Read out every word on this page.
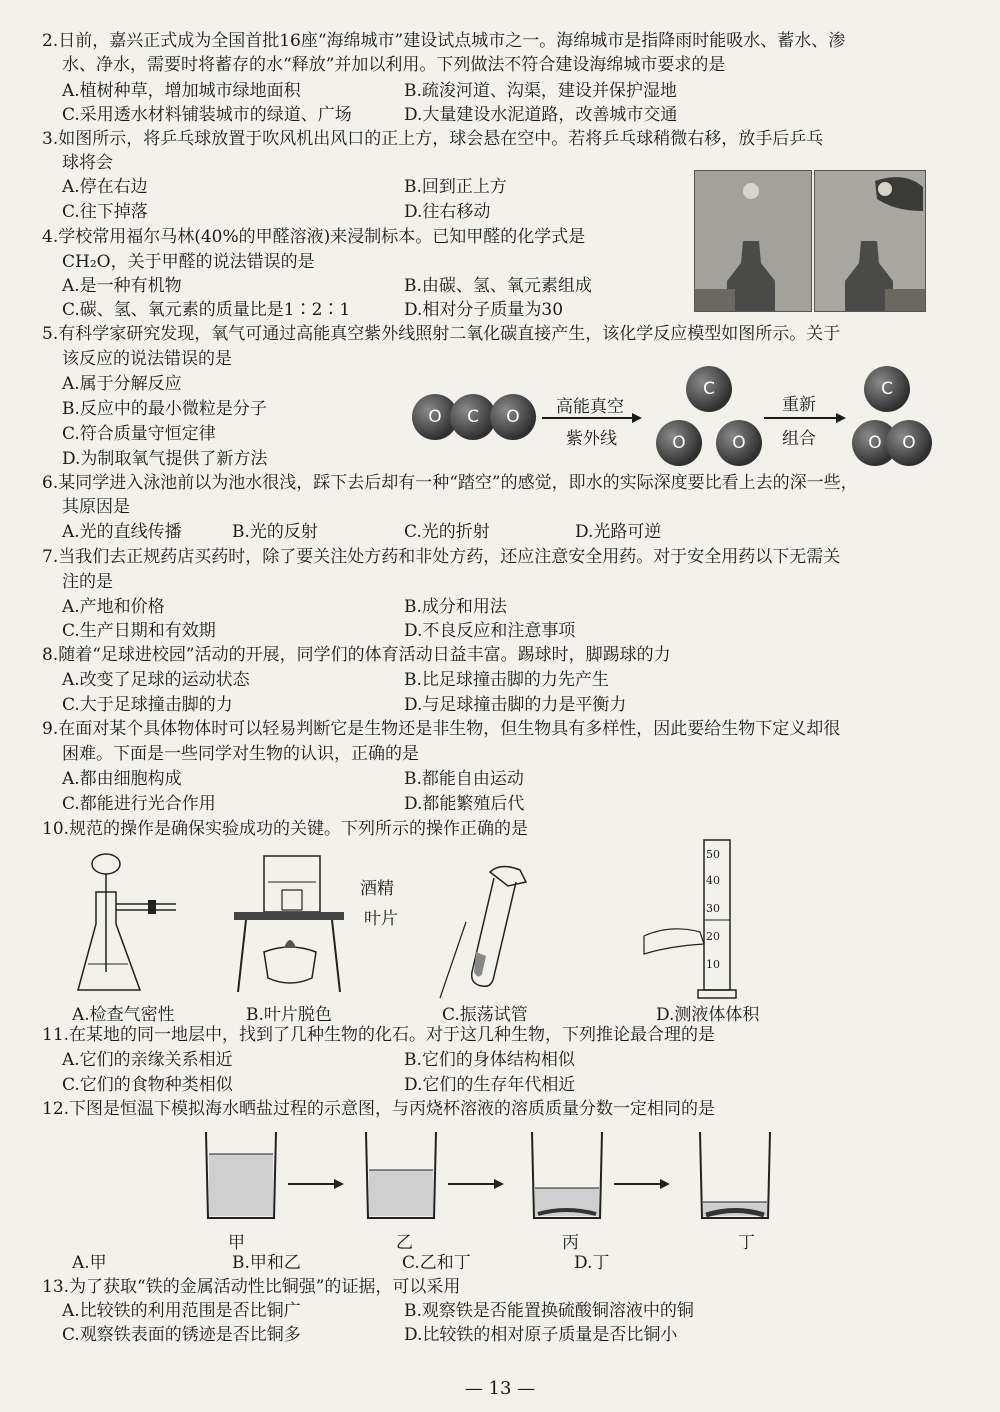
2.日前，嘉兴正式成为全国首批16座“海绵城市”建设试点城市之一。海绵城市是指降雨时能吸水、蓄水、渗
水、净水，需要时将蓄存的水“释放”并加以利用。下列做法不符合建设海绵城市要求的是
A.植树种草，增加城市绿地面积	B.疏浚河道、沟渠，建设并保护湿地
C.采用透水材料铺装城市的绿道、广场	D.大量建设水泥道路，改善城市交通
3.如图所示，将乒乓球放置于吹风机出风口的正上方，球会悬在空中。若将乒乓球稍微右移，放手后乒乓
球将会
A.停在右边	B.回到正上方
C.往下掉落	D.往右移动
4.学校常用福尔马林(40%的甲醛溶液)来浸制标本。已知甲醛的化学式是
CH₂O，关于甲醛的说法错误的是
A.是一种有机物	B.由碳、氢、氧元素组成
C.碳、氢、氧元素的质量比是1∶2∶1	D.相对分子质量为30
5.有科学家研究发现，氧气可通过高能真空紫外线照射二氧化碳直接产生，该化学反应模型如图所示。关于
该反应的说法错误的是
A.属于分解反应
B.反应中的最小微粒是分子
C.符合质量守恒定律
D.为制取氧气提供了新方法
O	C	O	高能真空
紫外线
C
O	O
重新
组合
C
O	O
6.某同学进入泳池前以为池水很浅，踩下去后却有一种“踏空”的感觉，即水的实际深度要比看上去的深一些，
其原因是
A.光的直线传播	B.光的反射	C.光的折射	D.光路可逆
7.当我们去正规药店买药时，除了要关注处方药和非处方药，还应注意安全用药。对于安全用药以下无需关
注的是
A.产地和价格	B.成分和用法
C.生产日期和有效期	D.不良反应和注意事项
8.随着“足球进校园”活动的开展，同学们的体育活动日益丰富。踢球时，脚踢球的力
A.改变了足球的运动状态	B.比足球撞击脚的力先产生
C.大于足球撞击脚的力	D.与足球撞击脚的力是平衡力
9.在面对某个具体物体时可以轻易判断它是生物还是非生物，但生物具有多样性，因此要给生物下定义却很
困难。下面是一些同学对生物的认识，正确的是
A.都由细胞构成	B.都能自由运动
C.都能进行光合作用	D.都能繁殖后代
10.规范的操作是确保实验成功的关键。下列所示的操作正确的是
A.检查气密性
酒精
叶片
B.叶片脱色	C.振荡试管
50
40
30
20
10
D.测液体体积
11.在某地的同一地层中，找到了几种生物的化石。对于这几种生物，下列推论最合理的是
A.它们的亲缘关系相近	B.它们的身体结构相似
C.它们的食物种类相似	D.它们的生存年代相近
12.下图是恒温下模拟海水晒盐过程的示意图，与丙烧杯溶液的溶质质量分数一定相同的是
甲	乙	丙	丁
A.甲	B.甲和乙	C.乙和丁	D.丁
13.为了获取“铁的金属活动性比铜强”的证据，可以采用
A.比较铁的利用范围是否比铜广	B.观察铁是否能置换硫酸铜溶液中的铜
C.观察铁表面的锈迹是否比铜多	D.比较铁的相对原子质量是否比铜小
— 13 —
